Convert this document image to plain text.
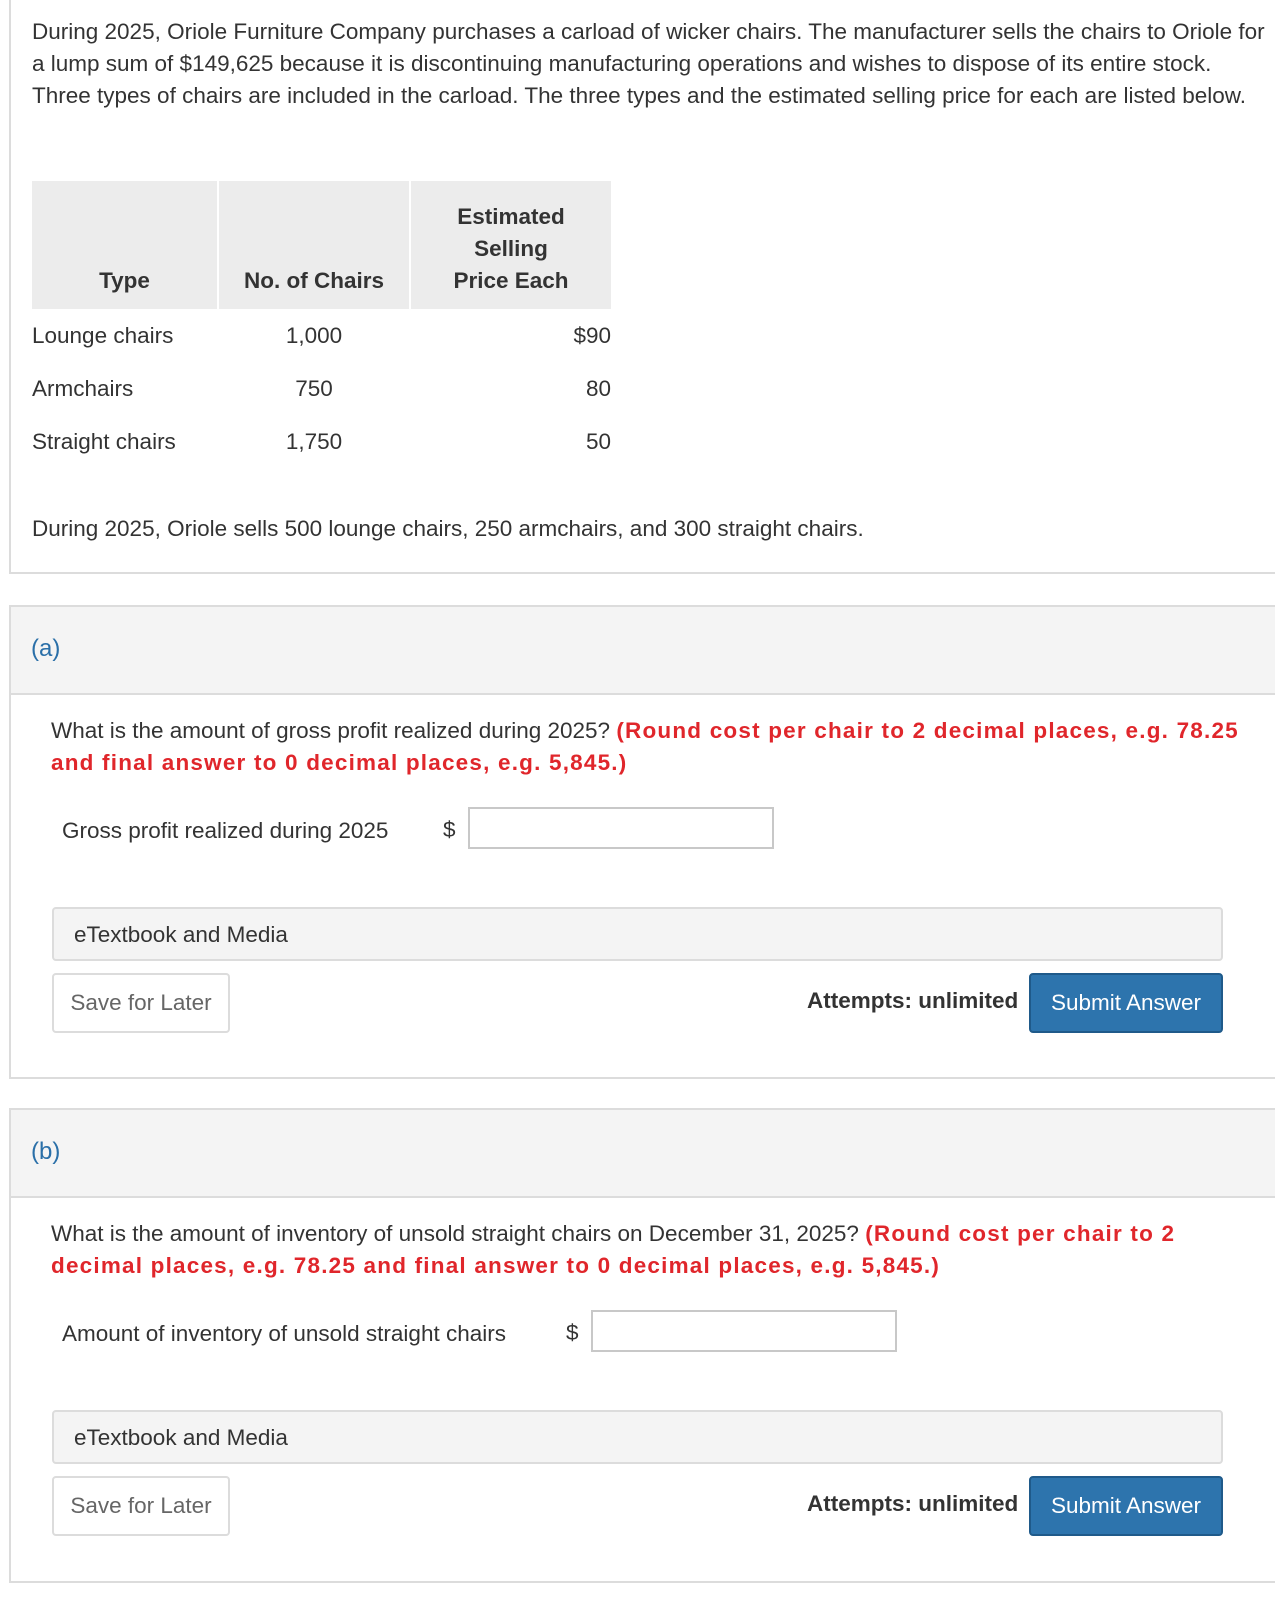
During 2025, Oriole Furniture Company purchases a carload of wicker chairs. The manufacturer sells the chairs to Oriole for a lump sum of $149,625 because it is discontinuing manufacturing operations and wishes to dispose of its entire stock. Three types of chairs are included in the carload. The three types and the estimated selling price for each are listed below.

Type	No. of Chairs	Estimated
Selling
Price Each
Lounge chairs	1,000	$90
Armchairs	750	80
Straight chairs	1,750	50

During 2025, Oriole sells 500 lounge chairs, 250 armchairs, and 300 straight chairs.

(a)

What is the amount of gross profit realized during 2025? (Round cost per chair to 2 decimal places, e.g. 78.25 and final answer to 0 decimal places, e.g. 5,845.)

Gross profit realized during 2025 $
eTextbook and Media
Save for Later	Attempts: unlimited	Submit Answer
(b)

What is the amount of inventory of unsold straight chairs on December 31, 2025? (Round cost per chair to 2 decimal places, e.g. 78.25 and final answer to 0 decimal places, e.g. 5,845.)

Amount of inventory of unsold straight chairs	$
eTextbook and Media
Save for Later	Attempts: unlimited	Submit Answer
